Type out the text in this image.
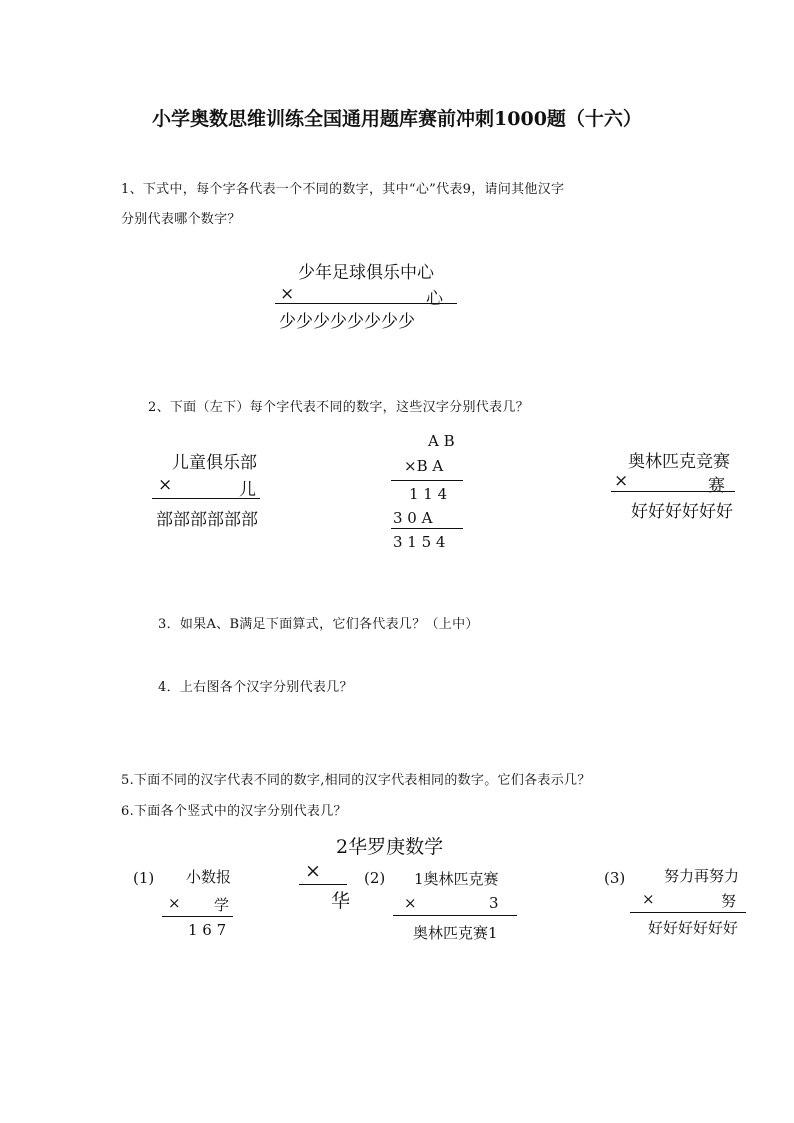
小学奥数思维训练全国通用题库赛前冲刺1000题（十六）
1、下式中，每个字各代表一个不同的数字，其中“心”代表9，请问其他汉字
分别代表哪个数字？
少年足球俱乐中心
×	心
少少少少少少少少
2、下面（左下）每个字代表不同的数字，这些汉字分别代表几？
儿童俱乐部
×	儿
部部部部部部
A B
×B A
1 1 4
3 0 A
3 1 5 4
奥林匹克竞赛
×	赛
好好好好好好
3．如果A、B满足下面算式，它们各代表几？（上中）
4．上右图各个汉字分别代表几？
5.下面不同的汉字代表不同的数字,相同的汉字代表相同的数字。它们各表示几？
6.下面各个竖式中的汉字分别代表几？
2华罗庚数学
×
华
(1) 小数报
× 学
1 6 7
(2) 1奥林匹克赛
×	3
奥林匹克赛1
(3)	努力再努力
×	努
好好好好好好
